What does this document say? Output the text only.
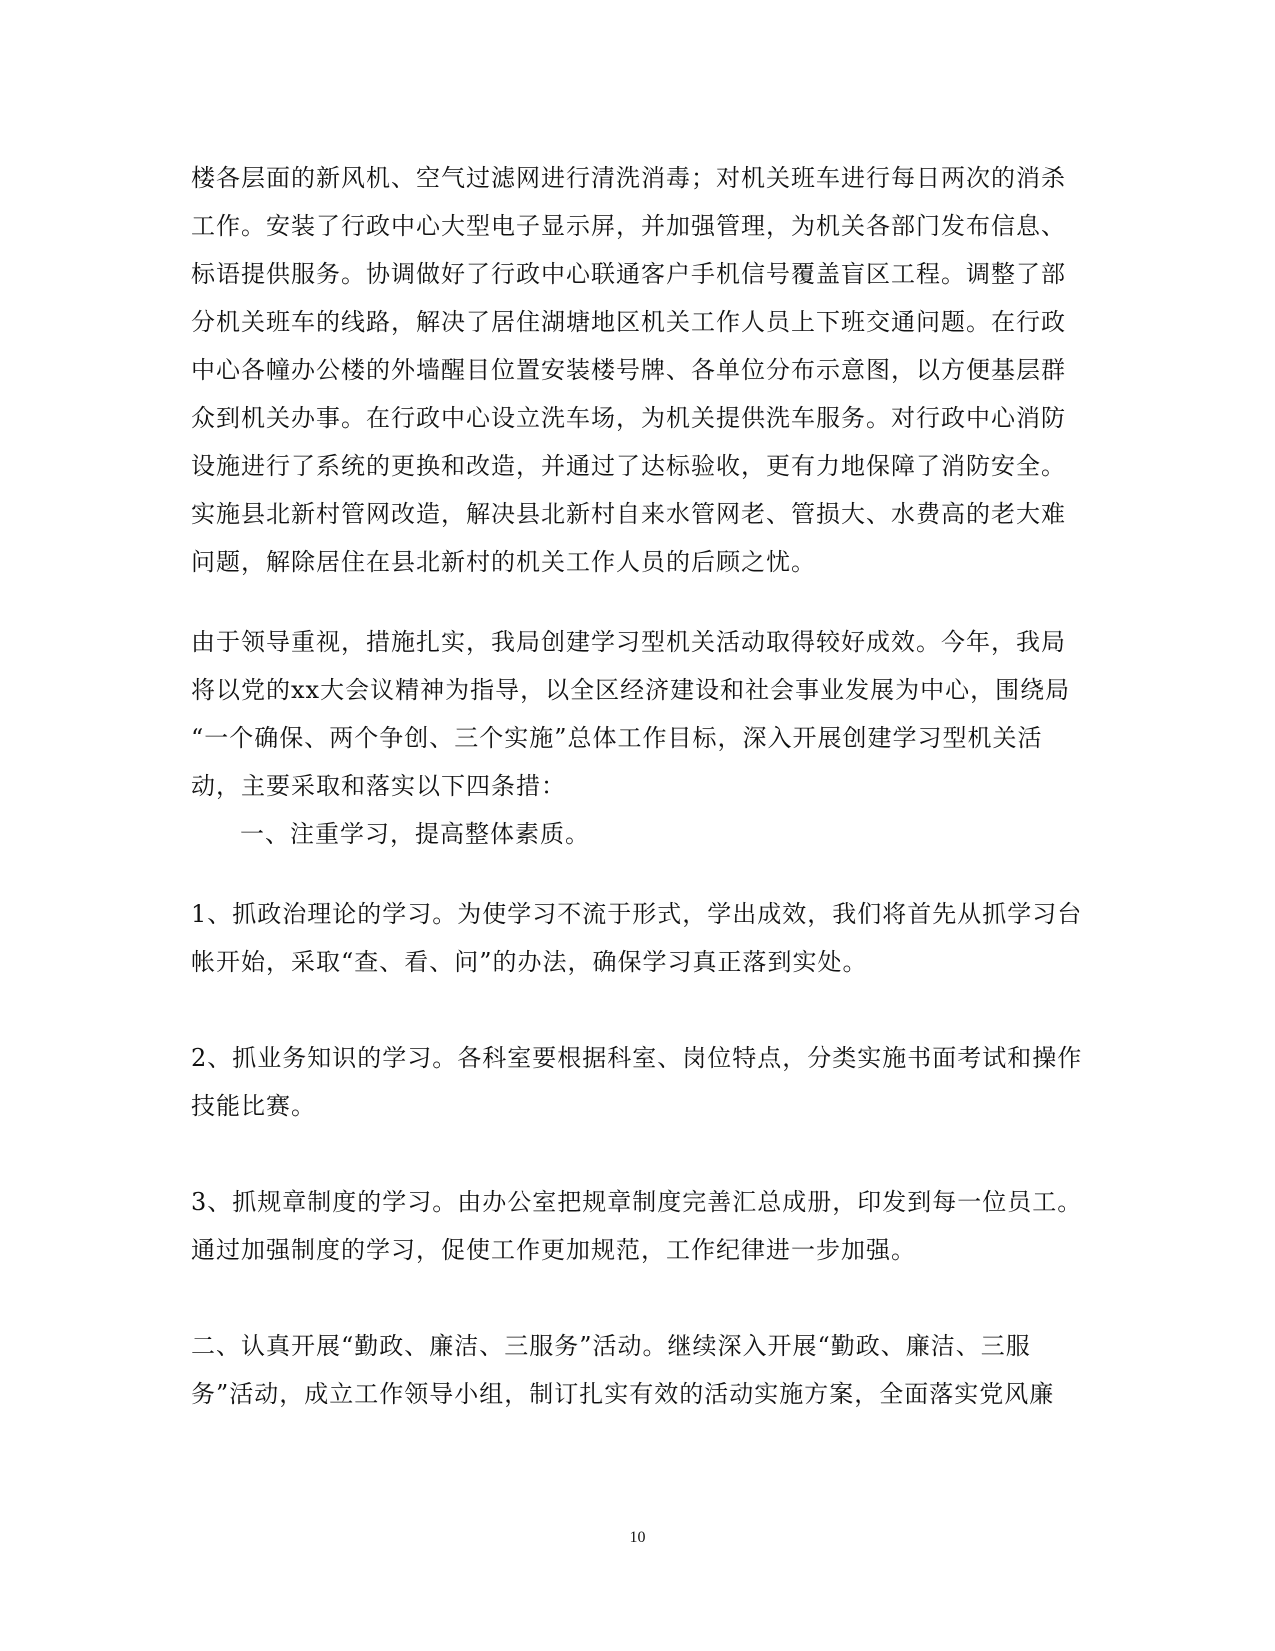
楼各层面的新风机、空气过滤网进行清洗消毒；对机关班车进行每日两次的消杀
工作。安装了行政中心大型电子显示屏，并加强管理，为机关各部门发布信息、
标语提供服务。协调做好了行政中心联通客户手机信号覆盖盲区工程。调整了部
分机关班车的线路，解决了居住湖塘地区机关工作人员上下班交通问题。在行政
中心各幢办公楼的外墙醒目位置安装楼号牌、各单位分布示意图，以方便基层群
众到机关办事。在行政中心设立洗车场，为机关提供洗车服务。对行政中心消防
设施进行了系统的更换和改造，并通过了达标验收，更有力地保障了消防安全。
实施县北新村管网改造，解决县北新村自来水管网老、管损大、水费高的老大难
问题，解除居住在县北新村的机关工作人员的后顾之忧。
由于领导重视，措施扎实，我局创建学习型机关活动取得较好成效。今年，我局
将以党的xx大会议精神为指导，以全区经济建设和社会事业发展为中心，围绕局
“一个确保、两个争创、三个实施”总体工作目标，深入开展创建学习型机关活
动，主要采取和落实以下四条措：
一、注重学习，提高整体素质。
1、抓政治理论的学习。为使学习不流于形式，学出成效，我们将首先从抓学习台
帐开始，采取“查、看、问”的办法，确保学习真正落到实处。
2、抓业务知识的学习。各科室要根据科室、岗位特点，分类实施书面考试和操作
技能比赛。
3、抓规章制度的学习。由办公室把规章制度完善汇总成册，印发到每一位员工。
通过加强制度的学习，促使工作更加规范，工作纪律进一步加强。
二、认真开展“勤政、廉洁、三服务”活动。继续深入开展“勤政、廉洁、三服
务”活动，成立工作领导小组，制订扎实有效的活动实施方案，全面落实党风廉
10
